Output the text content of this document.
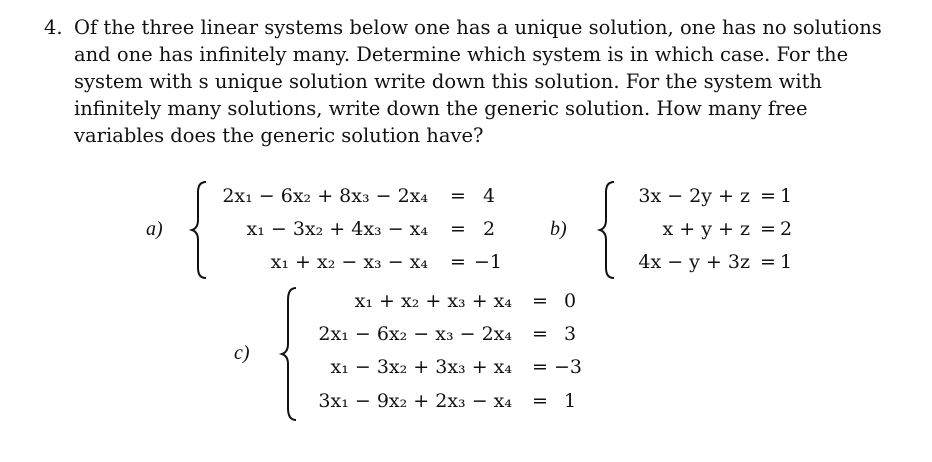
4. Of the three linear systems below one has a unique solution, one has no solutions and one has infinitely many. Determine which system is in which case. For the system with s unique solution write down this solution. For the system with infinitely many solutions, write down the generic solution. How many free variables does the generic solution have?
a)
2x₁ − 6x₂ + 8x₃ − 2x₄ = 4
x₁ − 3x₂ + 4x₃ − x₄ = 2
x₁ + x₂ − x₃ − x₄ = −1
b)
3x − 2y + z = 1
x + y + z = 2
4x − y + 3z = 1
c)
x₁ + x₂ + x₃ + x₄ = 0
2x₁ − 6x₂ − x₃ − 2x₄ = 3
x₁ − 3x₂ + 3x₃ + x₄ = −3
3x₁ − 9x₂ + 2x₃ − x₄ = 1
